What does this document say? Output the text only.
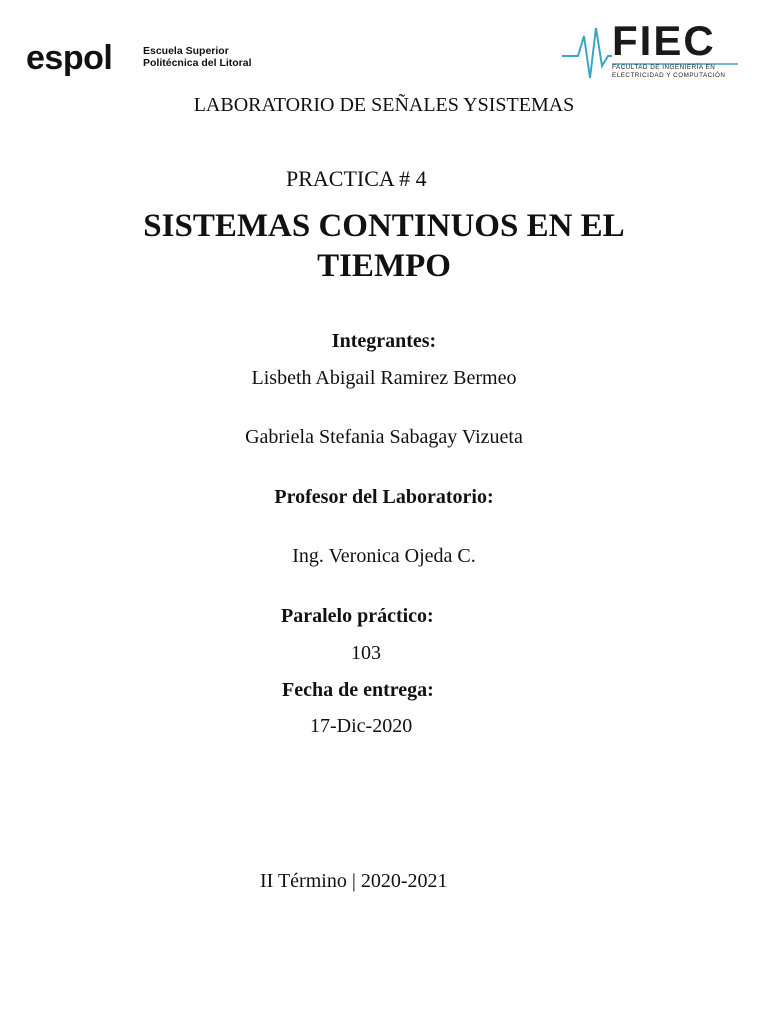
espol	Escuela Superior
Politécnica del Litoral	FIEC
FACULTAD DE INGENIERÍA EN
ELECTRICIDAD Y COMPUTACIÓN
LABORATORIO DE SEÑALES YSISTEMAS
PRACTICA # 4
SISTEMAS CONTINUOS EN EL
TIEMPO
Integrantes:
Lisbeth Abigail Ramirez Bermeo
Gabriela Stefania Sabagay Vizueta
Profesor del Laboratorio:
Ing. Veronica Ojeda C.
Paralelo práctico:
103
Fecha de entrega:
17-Dic-2020
II Término | 2020-2021
